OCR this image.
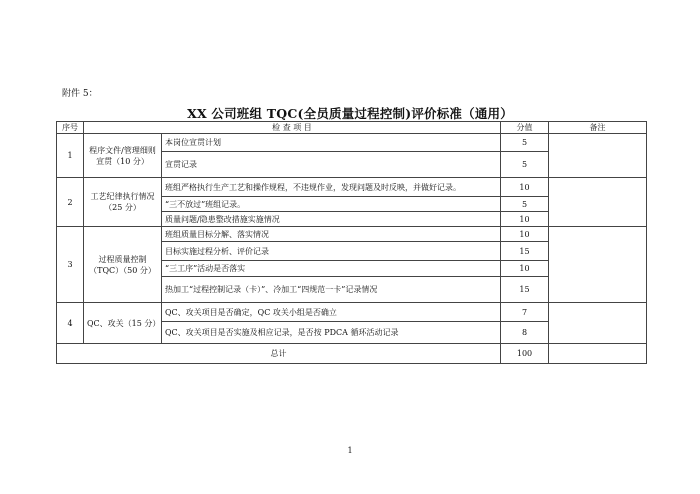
附件 5：
XX 公司班组 TQC(全员质量过程控制)评价标准（通用）
序号	检 查 项 目		分值	备注
1	程序文件/管理细则宣贯（10 分）	本岗位宣贯计划	5	
		宣贯记录	5	
2	工艺纪律执行情况（25 分）	班组严格执行生产工艺和操作规程，不违规作业，发现问题及时反映，并做好记录。	10	
		“三不放过”班组记录。	5	
		质量问题/隐患整改措施实施情况	10	
3	过程质量控制（TQC）（50 分）	班组质量目标分解、落实情况	10	
		目标实施过程分析、评价记录	15	
		“三工序”活动是否落实	10	
		热加工“过程控制记录（卡）”、冷加工“四规范一卡”记录情况	15	
4	QC、攻关（15 分）	QC、攻关项目是否确定，QC 攻关小组是否确立	7	
		QC、攻关项目是否实施及相应记录，是否按 PDCA 循环活动记录	8	
总计			100	
1
